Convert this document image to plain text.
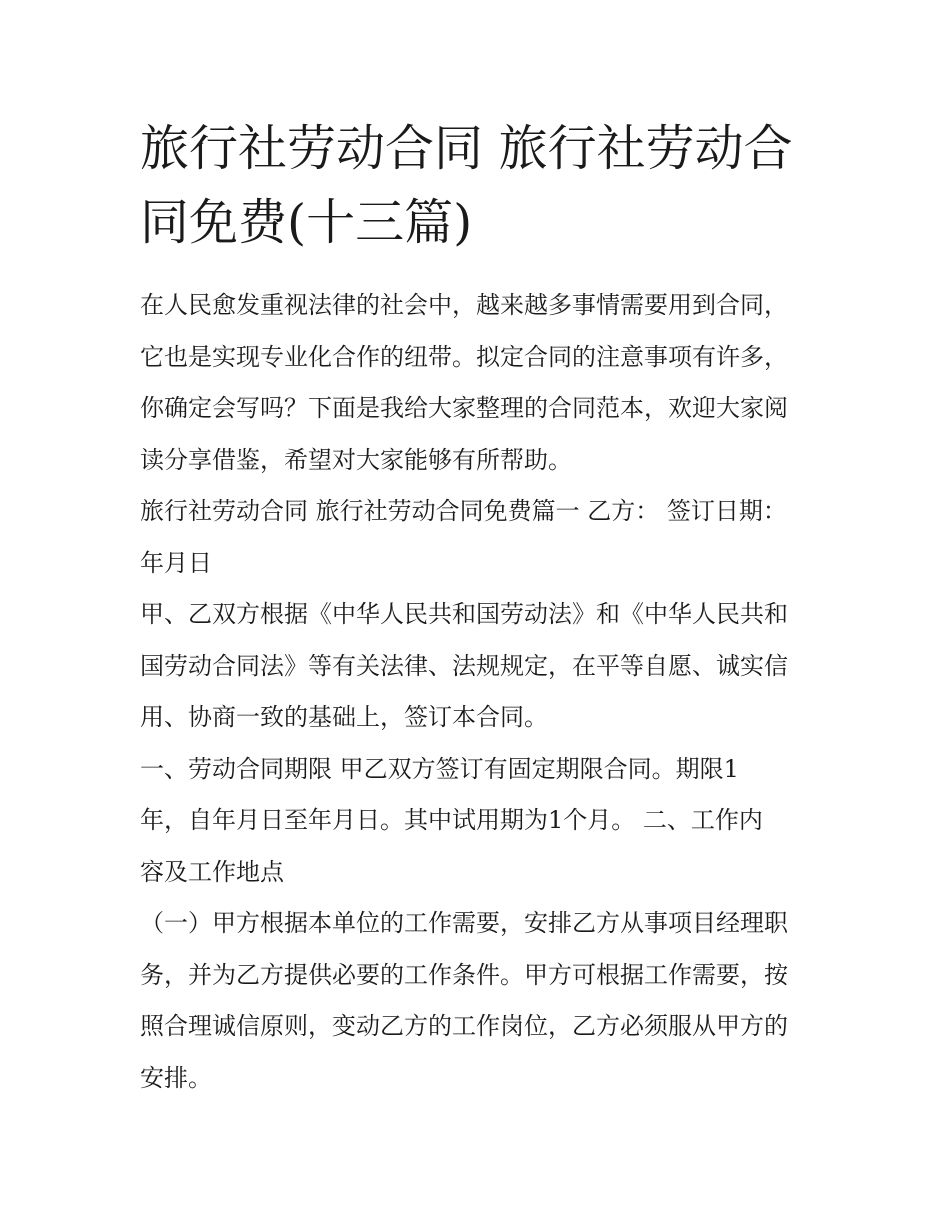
旅行社劳动合同 旅行社劳动合
同免费(十三篇)
在人民愈发重视法律的社会中，越来越多事情需要用到合同，
它也是实现专业化合作的纽带。拟定合同的注意事项有许多，
你确定会写吗？下面是我给大家整理的合同范本，欢迎大家阅
读分享借鉴，希望对大家能够有所帮助。
旅行社劳动合同 旅行社劳动合同免费篇一 乙方： 签订日期：
年月日
甲、乙双方根据《中华人民共和国劳动法》和《中华人民共和
国劳动合同法》等有关法律、法规规定，在平等自愿、诚实信
用、协商一致的基础上，签订本合同。
一、劳动合同期限 甲乙双方签订有固定期限合同。期限1
年，自年月日至年月日。其中试用期为1个月。 二、工作内
容及工作地点
（一）甲方根据本单位的工作需要，安排乙方从事项目经理职
务，并为乙方提供必要的工作条件。甲方可根据工作需要，按
照合理诚信原则，变动乙方的工作岗位，乙方必须服从甲方的
安排。
